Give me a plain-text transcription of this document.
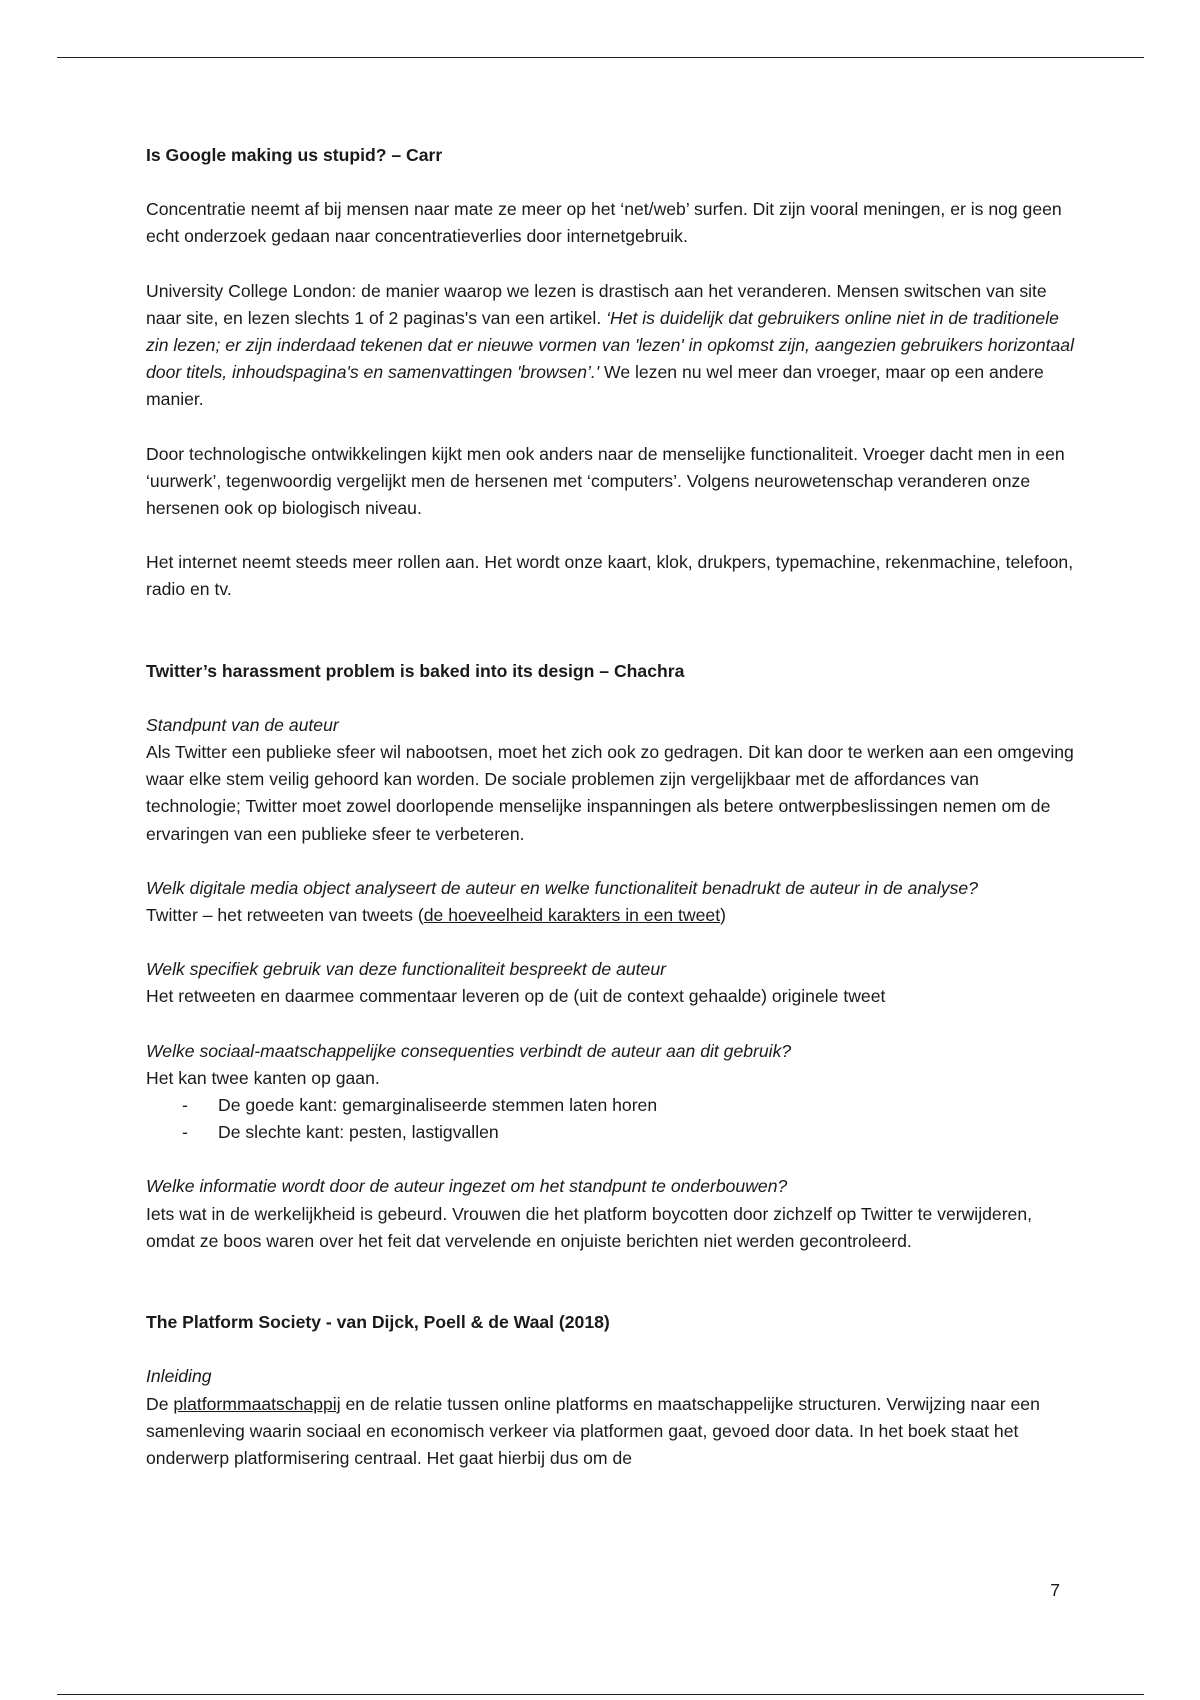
Is Google making us stupid? – Carr

Concentratie neemt af bij mensen naar mate ze meer op het ‘net/web’ surfen. Dit zijn vooral meningen, er is nog geen echt onderzoek gedaan naar concentratieverlies door internetgebruik.

University College London: de manier waarop we lezen is drastisch aan het veranderen. Mensen switschen van site naar site, en lezen slechts 1 of 2 paginas's van een artikel. ‘Het is duidelijk dat gebruikers online niet in de traditionele zin lezen; er zijn inderdaad tekenen dat er nieuwe vormen van 'lezen' in opkomst zijn, aangezien gebruikers horizontaal door titels, inhoudspagina's en samenvattingen 'browsen’.' We lezen nu wel meer dan vroeger, maar op een andere manier.

Door technologische ontwikkelingen kijkt men ook anders naar de menselijke functionaliteit. Vroeger dacht men in een ‘uurwerk’, tegenwoordig vergelijkt men de hersenen met ‘computers’. Volgens neurowetenschap veranderen onze hersenen ook op biologisch niveau.

Het internet neemt steeds meer rollen aan. Het wordt onze kaart, klok, drukpers, typemachine, rekenmachine, telefoon, radio en tv.

Twitter’s harassment problem is baked into its design – Chachra

Standpunt van de auteur

Als Twitter een publieke sfeer wil nabootsen, moet het zich ook zo gedragen. Dit kan door te werken aan een omgeving waar elke stem veilig gehoord kan worden. De sociale problemen zijn vergelijkbaar met de affordances van technologie; Twitter moet zowel doorlopende menselijke inspanningen als betere ontwerpbeslissingen nemen om de ervaringen van een publieke sfeer te verbeteren.

Welk digitale media object analyseert de auteur en welke functionaliteit benadrukt de auteur in de analyse?

Twitter – het retweeten van tweets (de hoeveelheid karakters in een tweet)

Welk specifiek gebruik van deze functionaliteit bespreekt de auteur

Het retweeten en daarmee commentaar leveren op de (uit de context gehaalde) originele tweet

Welke sociaal-maatschappelijke consequenties verbindt de auteur aan dit gebruik?

Het kan twee kanten op gaan.

- De goede kant: gemarginaliseerde stemmen laten horen
- De slechte kant: pesten, lastigvallen

Welke informatie wordt door de auteur ingezet om het standpunt te onderbouwen?

Iets wat in de werkelijkheid is gebeurd. Vrouwen die het platform boycotten door zichzelf op Twitter te verwijderen, omdat ze boos waren over het feit dat vervelende en onjuiste berichten niet werden gecontroleerd.

The Platform Society - van Dijck, Poell & de Waal (2018)

Inleiding

De platformmaatschappij en de relatie tussen online platforms en maatschappelijke structuren. Verwijzing naar een samenleving waarin sociaal en economisch verkeer via platformen gaat, gevoed door data. In het boek staat het onderwerp platformisering centraal. Het gaat hierbij dus om de

7
